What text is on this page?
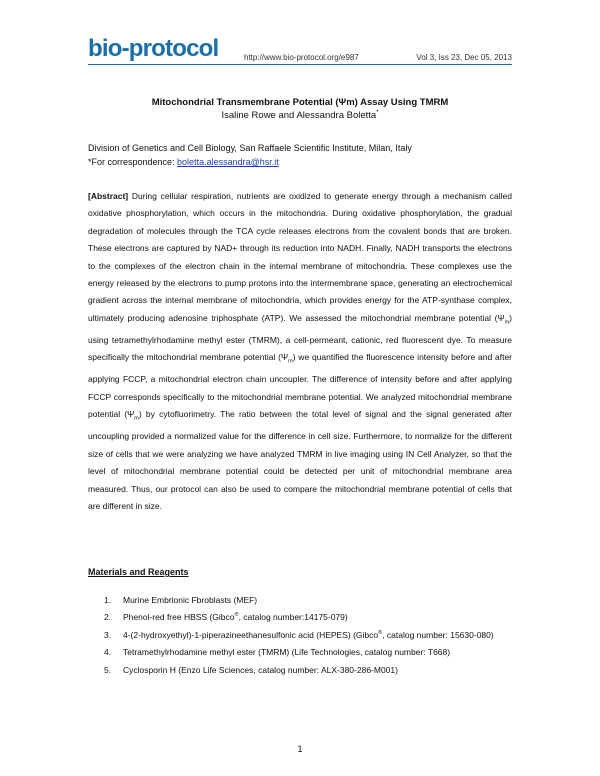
bio-protocol	http://www.bio-protocol.org/e987	Vol 3, Iss 23, Dec 05, 2013
Mitochondrial Transmembrane Potential (Ψm) Assay Using TMRM
Isaline Rowe and Alessandra Boletta*
Division of Genetics and Cell Biology, San Raffaele Scientific Institute, Milan, Italy
*For correspondence: boletta.alessandra@hsr.it

[Abstract] During cellular respiration, nutrients are oxidized to generate energy through a mechanism called oxidative phosphorylation, which occurs in the mitochondria. During oxidative phosphorylation, the gradual degradation of molecules through the TCA cycle releases electrons from the covalent bonds that are broken. These electrons are captured by NAD+ through its reduction into NADH. Finally, NADH transports the electrons to the complexes of the electron chain in the internal membrane of mitochondria. These complexes use the energy released by the electrons to pump protons into the intermembrane space, generating an electrochemical gradient across the internal membrane of mitochondria, which provides energy for the ATP-synthase complex, ultimately producing adenosine triphosphate (ATP). We assessed the mitochondrial membrane potential $(\Psi_m)$ using tetramethylrhodamine methyl ester (TMRM), a cell-permeant, cationic, red fluorescent dye. To measure specifically the mitochondrial membrane potential $(\Psi_m)$ we quantified the fluorescence intensity before and after applying FCCP, a mitochondrial electron chain uncoupler. The difference of intensity before and after applying FCCP corresponds specifically to the mitochondrial membrane potential. We analyzed mitochondrial membrane potential $(\Psi_m)$ by cytofluorimetry. The ratio between the total level of signal and the signal generated after uncoupling provided a normalized value for the difference in cell size. Furthermore, to normalize for the different size of cells that we were analyzing we have analyzed TMRM in live imaging using IN Cell Analyzer, so that the level of mitochondrial membrane potential could be detected per unit of mitochondrial membrane area measured. Thus, our protocol can also be used to compare the mitochondrial membrane potential of cells that are different in size.

Materials and Reagents
1. Murine Embrionic Fbroblasts (MEF)
2. Phenol-red free HBSS (Gibco®, catalog number:14175-079)
3. 4-(2-hydroxyethyl)-1-piperazineethanesulfonic acid (HEPES) (Gibco®, catalog number: 15630-080)
4. Tetramethylrhodamine methyl ester (TMRM) (Life Technologies, catalog number: T668)
5. Cyclosporin H (Enzo Life Sciences, catalog number: ALX-380-286-M001)
1
